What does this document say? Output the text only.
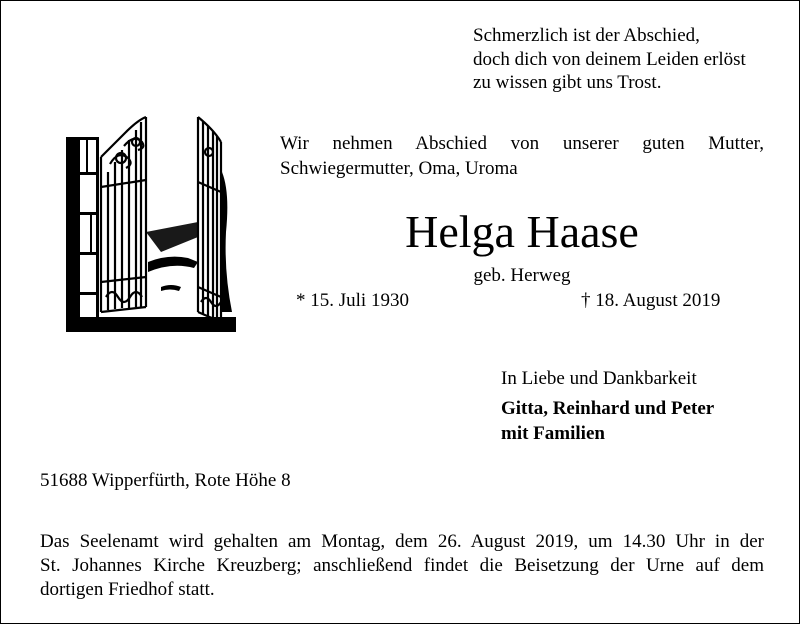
Schmerzlich ist der Abschied,
doch dich von deinem Leiden erlöst
zu wissen gibt uns Trost.
Wir nehmen Abschied von unserer guten Mutter,
Schwiegermutter, Oma, Uroma
Helga Haase
geb. Herweg
* 15. Juli 1930	† 18. August 2019
In Liebe und Dankbarkeit
Gitta, Reinhard und Peter
mit Familien
51688 Wipperfürth, Rote Höhe 8
Das Seelenamt wird gehalten am Montag, dem 26. August 2019, um 14.30 Uhr in der
St. Johannes Kirche Kreuzberg; anschließend findet die Beisetzung der Urne auf dem
dortigen Friedhof statt.
